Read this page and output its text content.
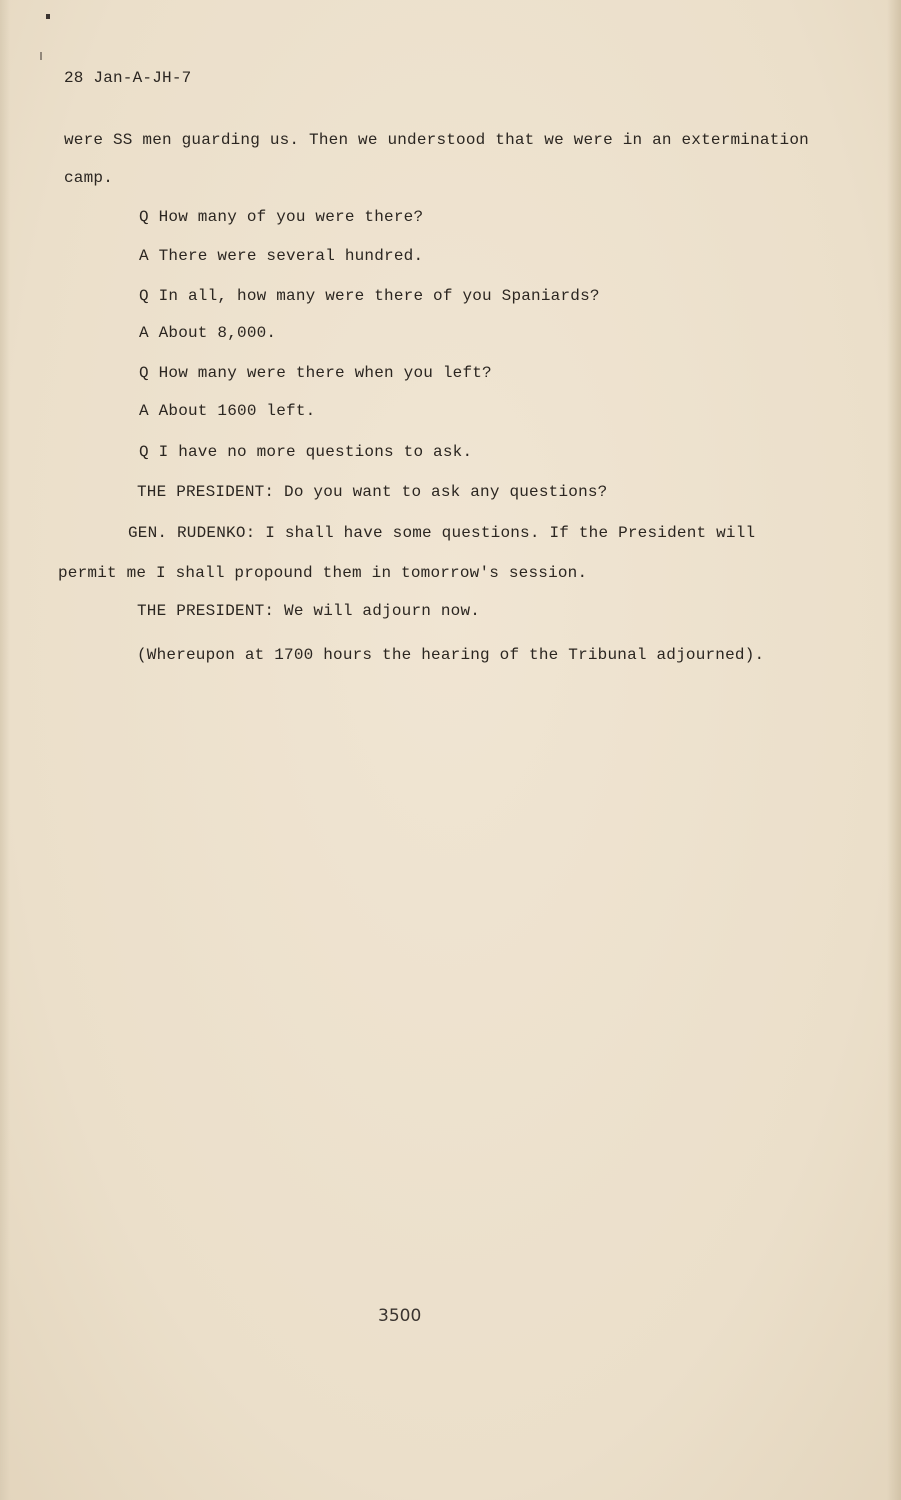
28 Jan-A-JH-7
were SS men guarding us. Then we understood that we were in an extermination
camp.
Q How many of you were there?
A There were several hundred.
Q In all, how many were there of you Spaniards?
A About 8,000.
Q How many were there when you left?
A About 1600 left.
Q I have no more questions to ask.
THE PRESIDENT: Do you want to ask any questions?
GEN. RUDENKO: I shall have some questions. If the President will
permit me I shall propound them in tomorrow's session.
THE PRESIDENT: We will adjourn now.
(Whereupon at 1700 hours the hearing of the Tribunal adjourned).
3500
